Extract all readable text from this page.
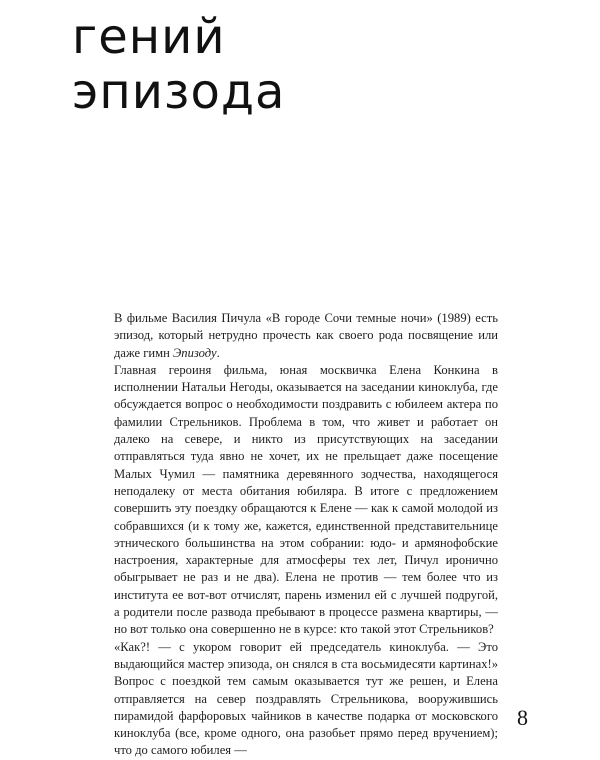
гений
эпизода

В фильме Василия Пичула «В городе Сочи темные ночи» (1989) есть эпизод, который нетрудно прочесть как своего рода посвящение или даже гимн Эпизоду.

Главная героиня фильма, юная москвичка Елена Конкина в исполнении Натальи Негоды, оказывается на заседании киноклуба, где обсуждается вопрос о необходимости поздравить с юбилеем актера по фамилии Стрельников. Проблема в том, что живет и работает он далеко на севере, и никто из присутствующих на заседании отправляться туда явно не хочет, их не прельщает даже посещение Малых Чумил — памятника деревянного зодчества, находящегося неподалеку от места обитания юбиляра. В итоге с предложением совершить эту поездку обращаются к Елене — как к самой молодой из собравшихся (и к тому же, кажется, единственной представительнице этнического большинства на этом собрании: юдо- и армянофобские настроения, характерные для атмосферы тех лет, Пичул иронично обыгрывает не раз и не два). Елена не против — тем более что из института ее вот-вот отчислят, парень изменил ей с лучшей подругой, а родители после развода пребывают в процессе размена квартиры, — но вот только она совершенно не в курсе: кто такой этот Стрельников?

«Как?! — с укором говорит ей председатель киноклуба. — Это выдающийся мастер эпизода, он снялся в ста восьмидесяти картинах!» Вопрос с поездкой тем самым оказывается тут же решен, и Елена отправляется на север поздравлять Стрельникова, вооружившись пирамидой фарфоровых чайников в качестве подарка от московского киноклуба (все, кроме одного, она разобьет прямо перед вручением); что до самого юбилея —

8
